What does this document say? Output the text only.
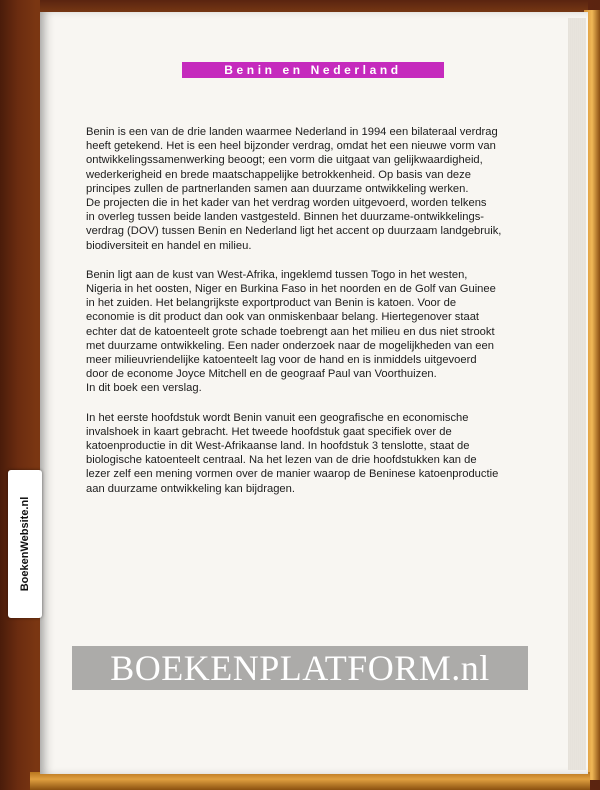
Benin en Nederland
Benin is een van de drie landen waarmee Nederland in 1994 een bilateraal verdrag
heeft getekend. Het is een heel bijzonder verdrag, omdat het een nieuwe vorm van
ontwikkelingssamenwerking beoogt; een vorm die uitgaat van gelijkwaardigheid,
wederkerigheid en brede maatschappelijke betrokkenheid. Op basis van deze
principes zullen de partnerlanden samen aan duurzame ontwikkeling werken.
De projecten die in het kader van het verdrag worden uitgevoerd, worden telkens
in overleg tussen beide landen vastgesteld. Binnen het duurzame-ontwikkelings-
verdrag (DOV) tussen Benin en Nederland ligt het accent op duurzaam landgebruik,
biodiversiteit en handel en milieu.
Benin ligt aan de kust van West-Afrika, ingeklemd tussen Togo in het westen,
Nigeria in het oosten, Niger en Burkina Faso in het noorden en de Golf van Guinee
in het zuiden. Het belangrijkste exportproduct van Benin is katoen. Voor de
economie is dit product dan ook van onmiskenbaar belang. Hiertegenover staat
echter dat de katoenteelt grote schade toebrengt aan het milieu en dus niet strookt
met duurzame ontwikkeling. Een nader onderzoek naar de mogelijkheden van een
meer milieuvriendelijke katoenteelt lag voor de hand en is inmiddels uitgevoerd
door de econome Joyce Mitchell en de geograaf Paul van Voorthuizen.
In dit boek een verslag.
In het eerste hoofdstuk wordt Benin vanuit een geografische en economische
invalshoek in kaart gebracht. Het tweede hoofdstuk gaat specifiek over de
katoenproductie in dit West-Afrikaanse land. In hoofdstuk 3 tenslotte, staat de
biologische katoenteelt centraal. Na het lezen van de drie hoofdstukken kan de
lezer zelf een mening vormen over de manier waarop de Beninese katoenproductie
aan duurzame ontwikkeling kan bijdragen.
BoekenWebsite.nl
BOEKENPLATFORM.nl
